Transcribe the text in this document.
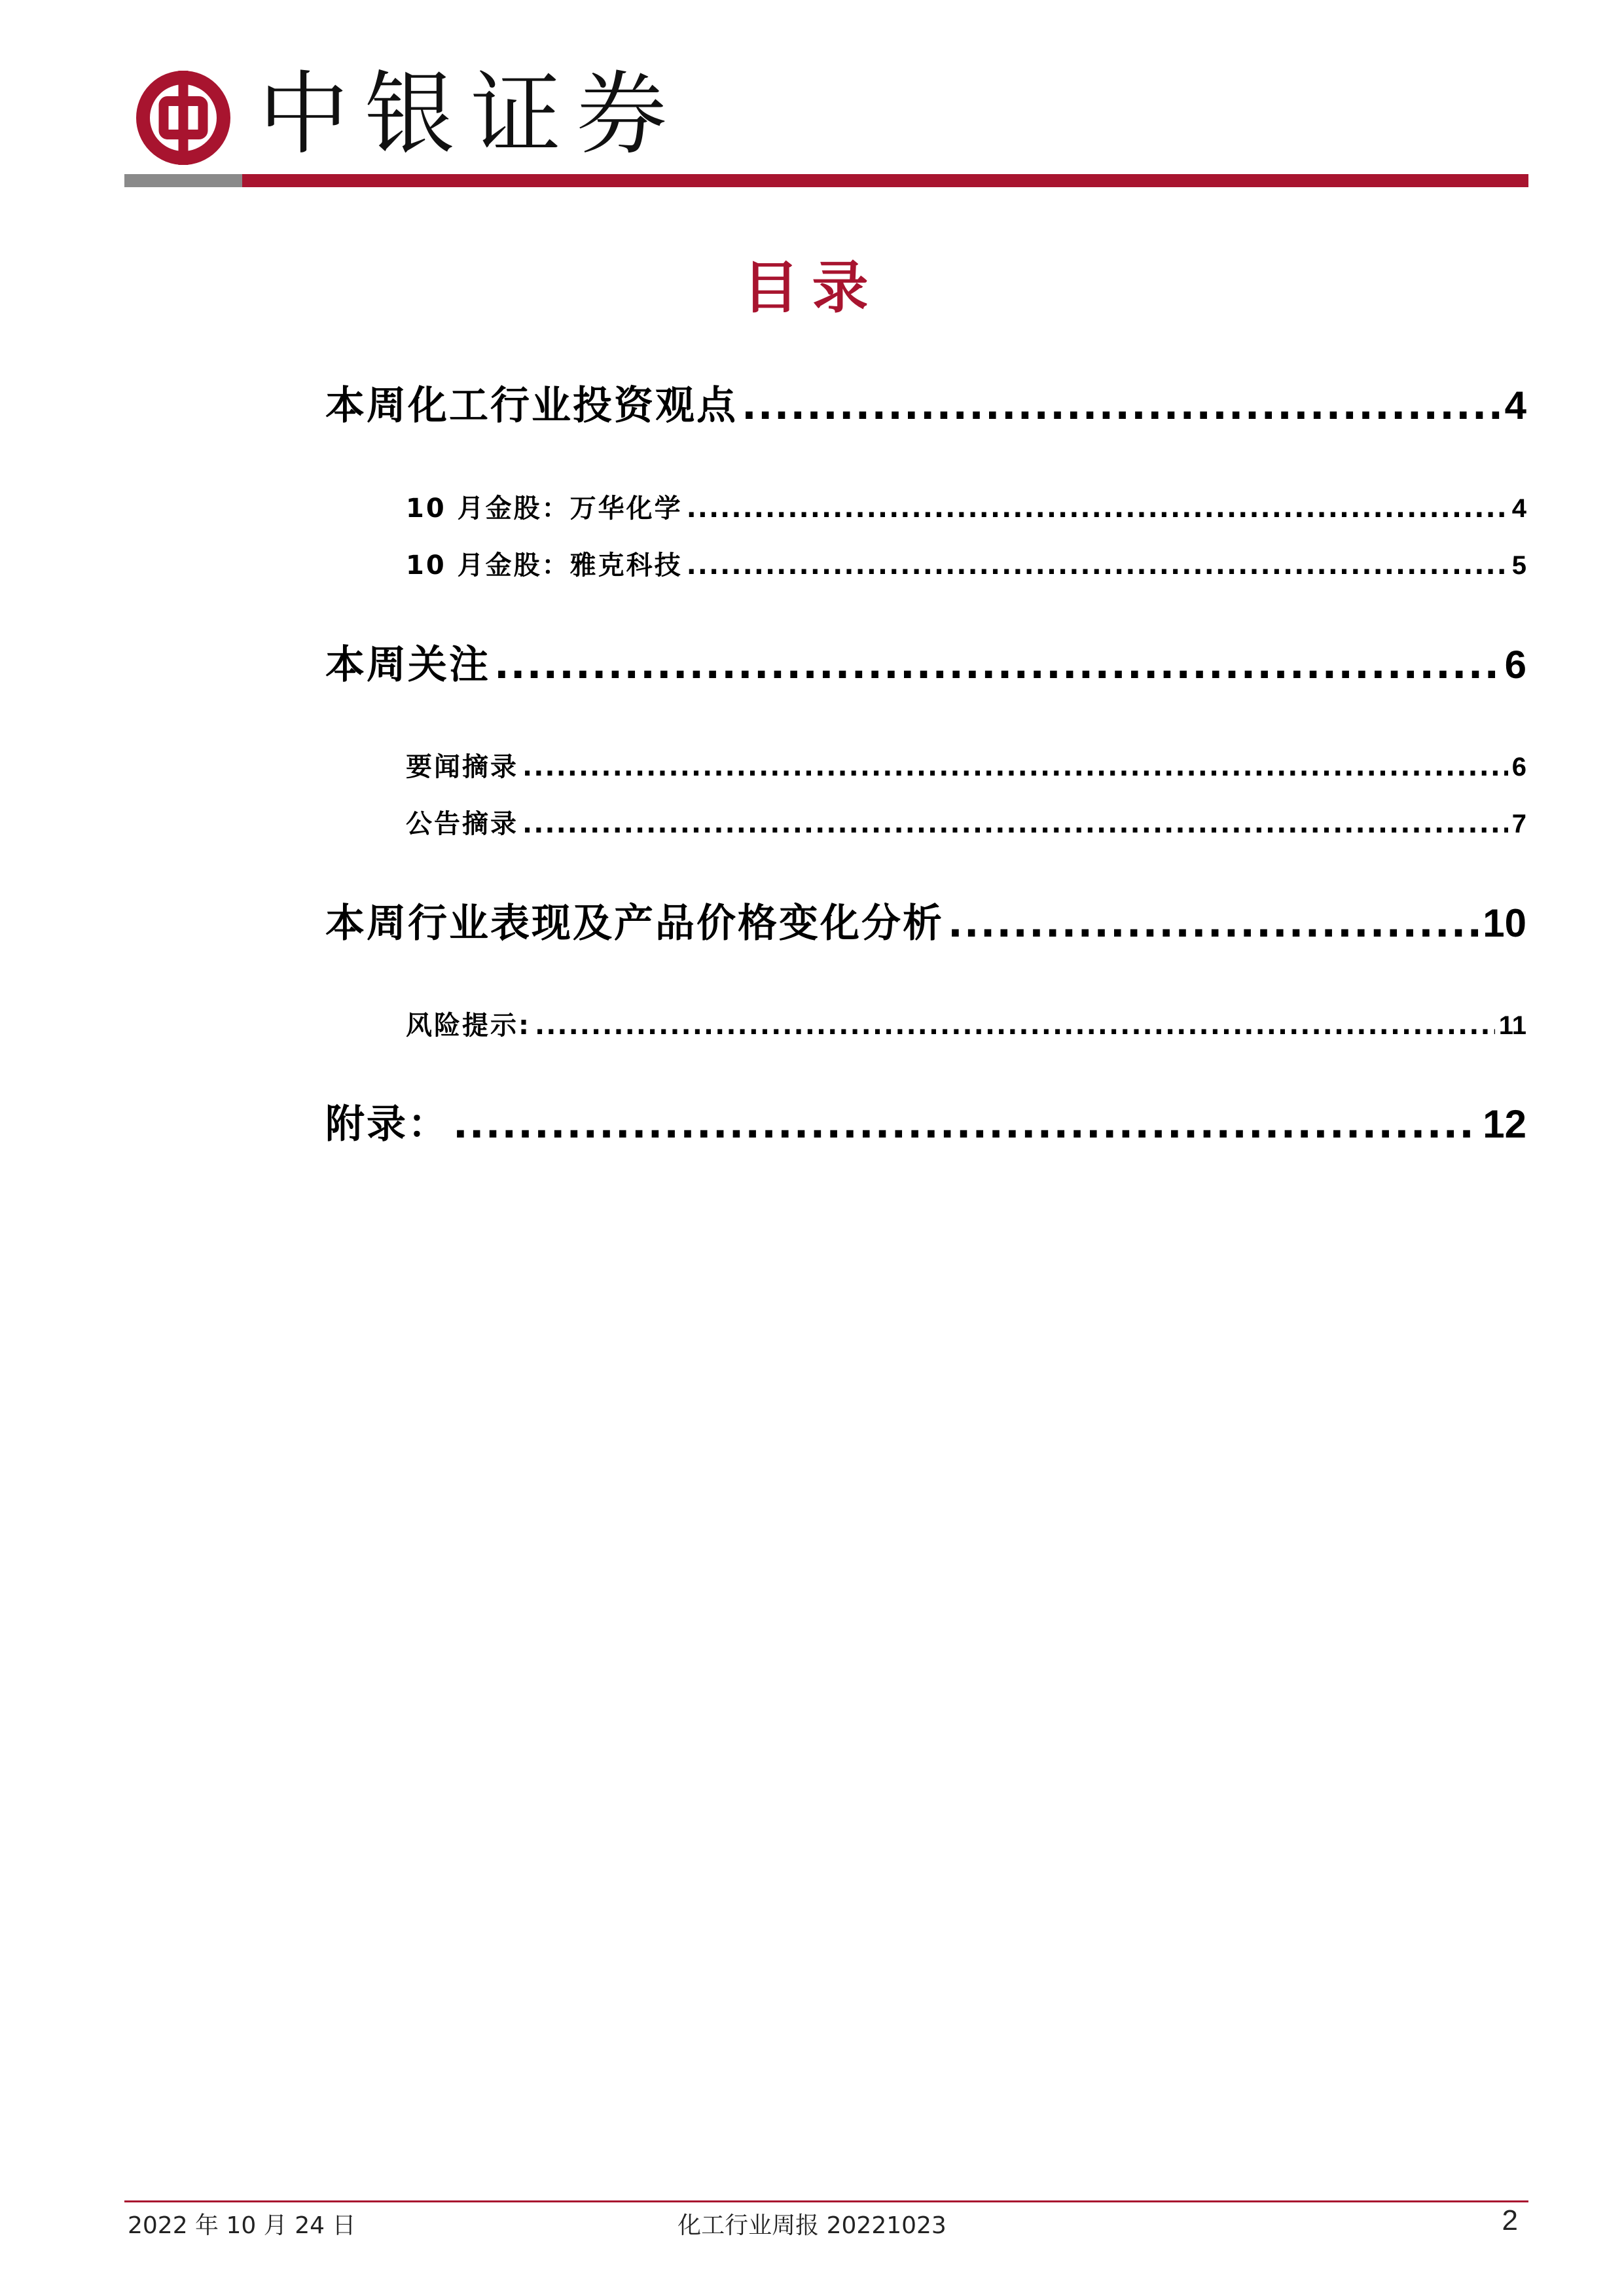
中银证券
目录
本周化工行业投资观点 .....	4
10 月金股：万华化学 .....	4
10 月金股：雅克科技 .....	5
本周关注 .....	6
要闻摘录 .....	6
公告摘录 .....	7
本周行业表现及产品价格变化分析 .....	10
风险提示: .....	11
附录： .....	12
2022 年 10 月 24 日	化工行业周报 20221023	2
